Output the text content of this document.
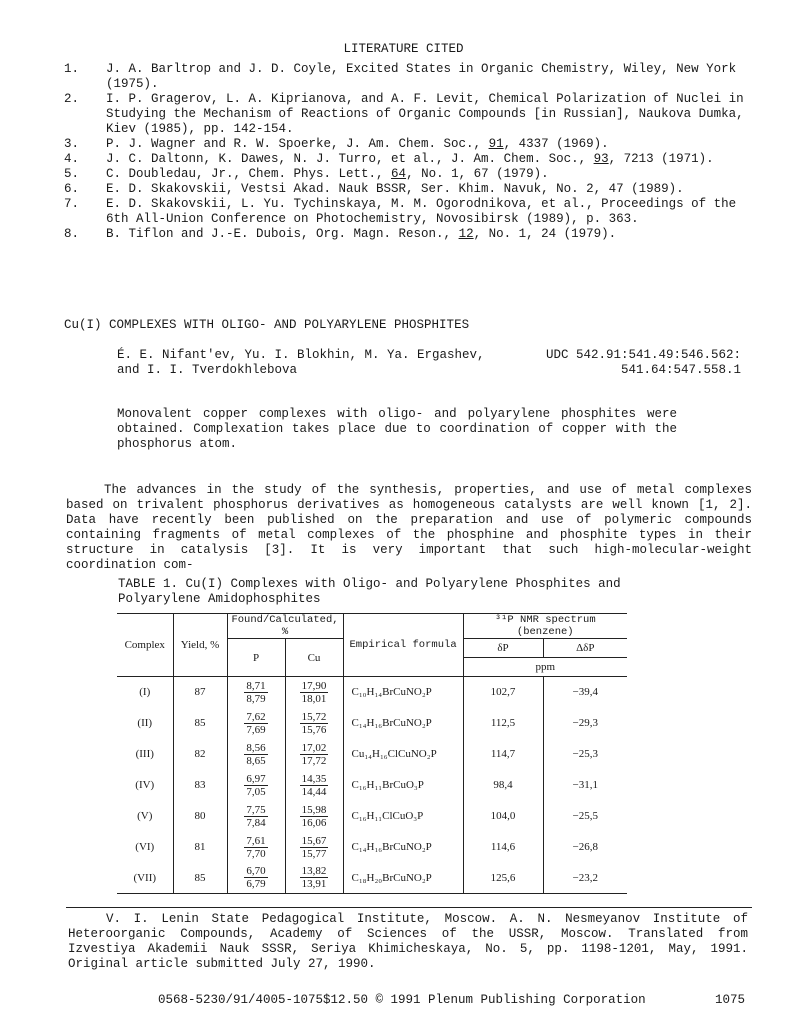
LITERATURE CITED
1. J. A. Barltrop and J. D. Coyle, Excited States in Organic Chemistry, Wiley, New York (1975).
2. I. P. Gragerov, L. A. Kiprianova, and A. F. Levit, Chemical Polarization of Nuclei in Studying the Mechanism of Reactions of Organic Compounds [in Russian], Naukova Dumka, Kiev (1985), pp. 142-154.
3. P. J. Wagner and R. W. Spoerke, J. Am. Chem. Soc., 91, 4337 (1969).
4. J. C. Daltonn, K. Dawes, N. J. Turro, et al., J. Am. Chem. Soc., 93, 7213 (1971).
5. C. Doubledau, Jr., Chem. Phys. Lett., 64, No. 1, 67 (1979).
6. E. D. Skakovskii, Vestsi Akad. Nauk BSSR, Ser. Khim. Navuk, No. 2, 47 (1989).
7. E. D. Skakovskii, L. Yu. Tychinskaya, M. M. Ogorodnikova, et al., Proceedings of the 6th All-Union Conference on Photochemistry, Novosibirsk (1989), p. 363.
8. B. Tiflon and J.-E. Dubois, Org. Magn. Reson., 12, No. 1, 24 (1979).
Cu(I) COMPLEXES WITH OLIGO- AND POLYARYLENE PHOSPHITES
É. E. Nifant'ev, Yu. I. Blokhin, M. Ya. Ergashev,
and I. I. Tverdokhlebova
UDC 542.91:541.49:546.562:
541.64:547.558.1
Monovalent copper complexes with oligo- and polyarylene phosphites were obtained. Complexation takes place due to coordination of copper with the phosphorus atom.
The advances in the study of the synthesis, properties, and use of metal complexes based on trivalent phosphorus derivatives as homogeneous catalysts are well known [1, 2]. Data have recently been published on the preparation and use of polymeric compounds containing fragments of metal complexes of the phosphine and phosphite types in their structure in catalysis [3]. It is very important that such high-molecular-weight coordination com-
TABLE 1. Cu(I) Complexes with Oligo- and Polyarylene Phosphites and
Polyarylene Amidophosphites
Complex	Yield, %	Found/Calculated, %		Empirical formula	³¹P NMR spectrum (benzene)	
		P	Cu		δP	ΔδP
					ppm	
(I)	87	$\frac{8,71}{8,79}$	$\frac{17,90}{18,01}$	C₁₀H₁₄BrCuNO₂P	102,7	−39,4
(II)	85	$\frac{7,62}{7,69}$	$\frac{15,72}{15,76}$	C₁₄H₁₆BrCuNO₂P	112,5	−29,3
(III)	82	$\frac{8,56}{8,65}$	$\frac{17,02}{17,72}$	Cu₁₄H₁₆ClCuNO₂P	114,7	−25,3
(IV)	83	$\frac{6,97}{7,05}$	$\frac{14,35}{14,44}$	C₁₆H₁₁BrCuO₃P	98,4	−31,1
(V)	80	$\frac{7,75}{7,84}$	$\frac{15,98}{16,06}$	C₁₆H₁₁ClCuO₃P	104,0	−25,5
(VI)	81	$\frac{7,61}{7,70}$	$\frac{15,67}{15,77}$	C₁₄H₁₆BrCuNO₂P	114,6	−26,8
(VII)	85	$\frac{6,70}{6,79}$	$\frac{13,82}{13,91}$	C₁₈H₂₀BrCuNO₂P	125,6	−23,2
V. I. Lenin State Pedagogical Institute, Moscow. A. N. Nesmeyanov Institute of Heteroorganic Compounds, Academy of Sciences of the USSR, Moscow. Translated from Izvestiya Akademii Nauk SSSR, Seriya Khimicheskaya, No. 5, pp. 1198-1201, May, 1991. Original article submitted July 27, 1990.
0568-5230/91/4005-1075$12.50 © 1991 Plenum Publishing Corporation	1075
